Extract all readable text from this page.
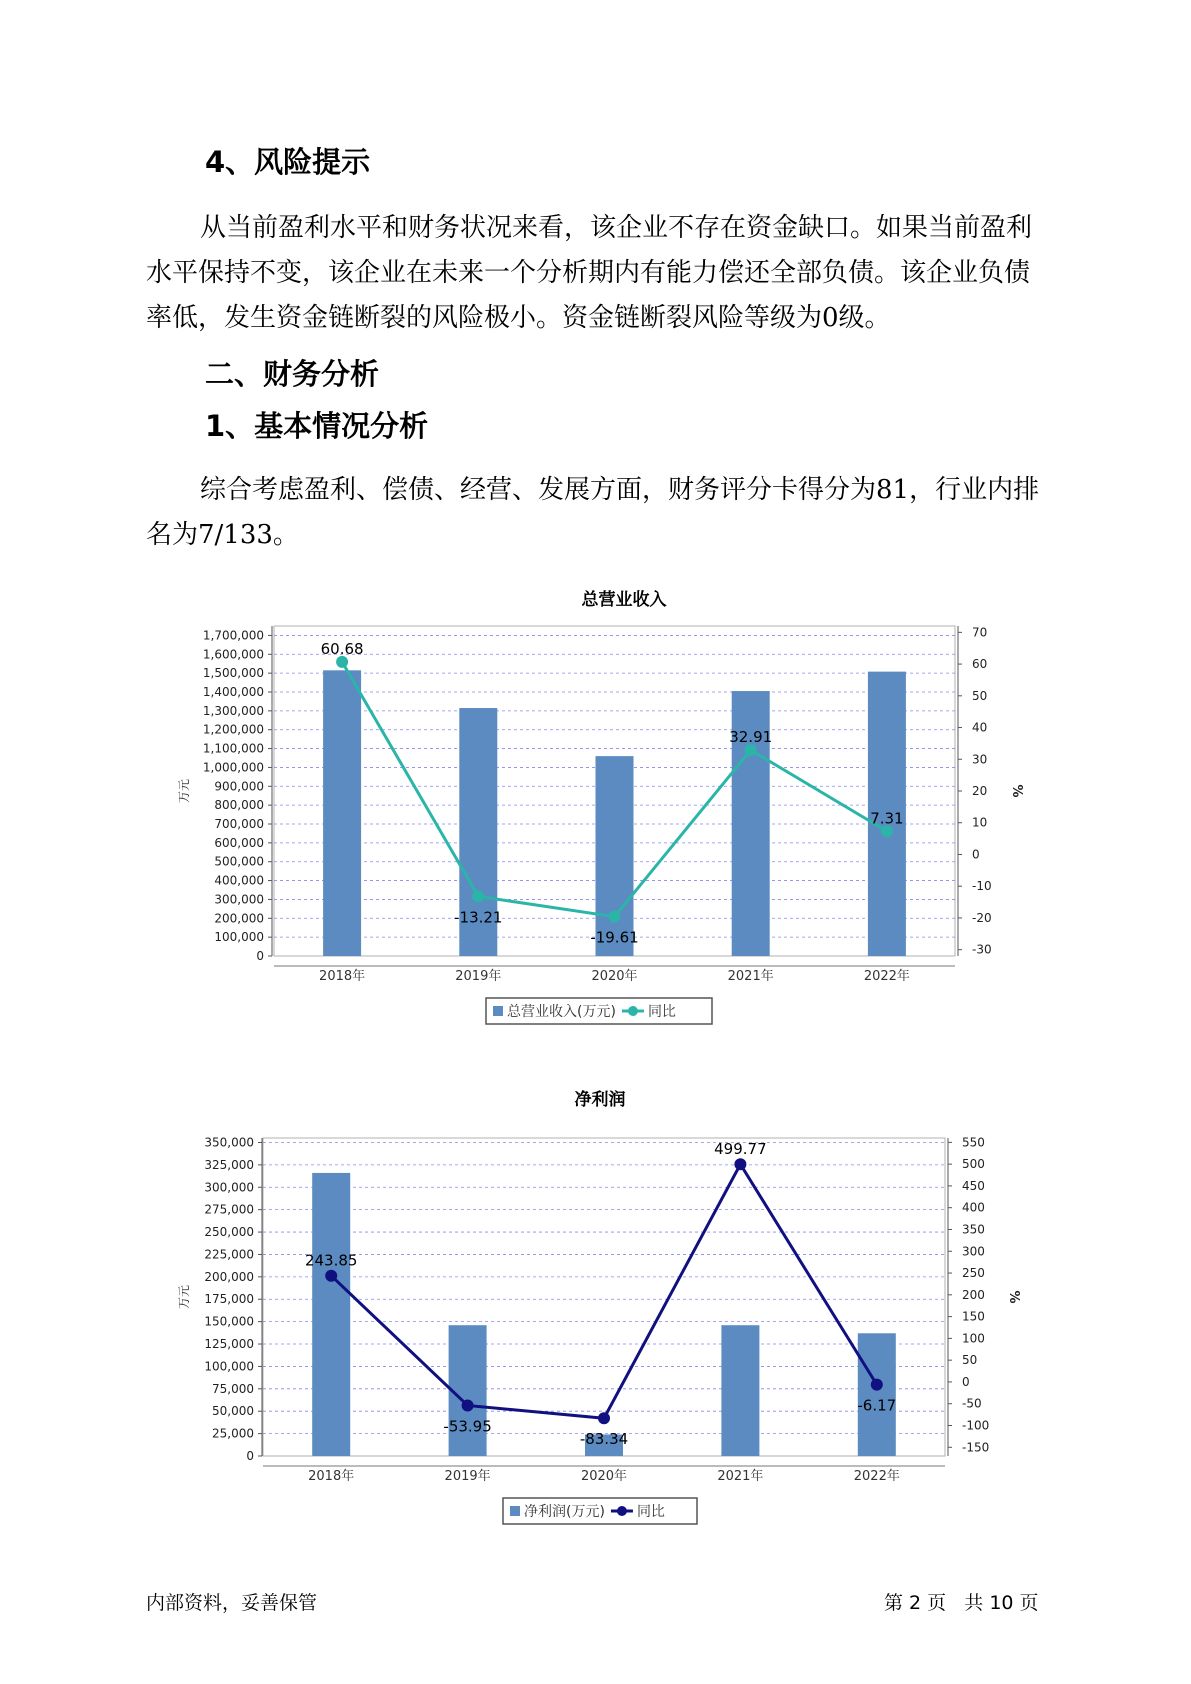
4、风险提示

从当前盈利水平和财务状况来看，该企业不存在资金缺口。如果当前盈利水平保持不变，该企业在未来一个分析期内有能力偿还全部负债。该企业负债率低，发生资金链断裂的风险极小。资金链断裂风险等级为0级。

二、财务分析
1、基本情况分析

综合考虑盈利、偿债、经营、发展方面，财务评分卡得分为81，行业内排名为7/133。

总营业收入
0
100,000
200,000
300,000
400,000
500,000
600,000
700,000
800,000
900,000
1,000,000
1,100,000
1,200,000
1,300,000
1,400,000
1,500,000
1,600,000
1,700,000
-30
-20
-10
0
10
20
30
40
50
60
70
万元	%
2018年	2019年	2020年	2021年	2022年
60.68
-13.21
-19.61
32.91
7.31
总营业收入(万元) 同比
净利润
0
25,000
50,000
75,000
100,000
125,000
150,000
175,000
200,000
225,000
250,000
275,000
300,000
325,000
350,000
-150
-100
-50
0
50
100
150
200
250
300
350
400
450
500
550
万元	%
2018年	2019年	2020年	2021年	2022年
243.85
-53.95
-83.34
499.77
-6.17
净利润(万元) 同比
内部资料，妥善保管	第 2 页   共 10 页
